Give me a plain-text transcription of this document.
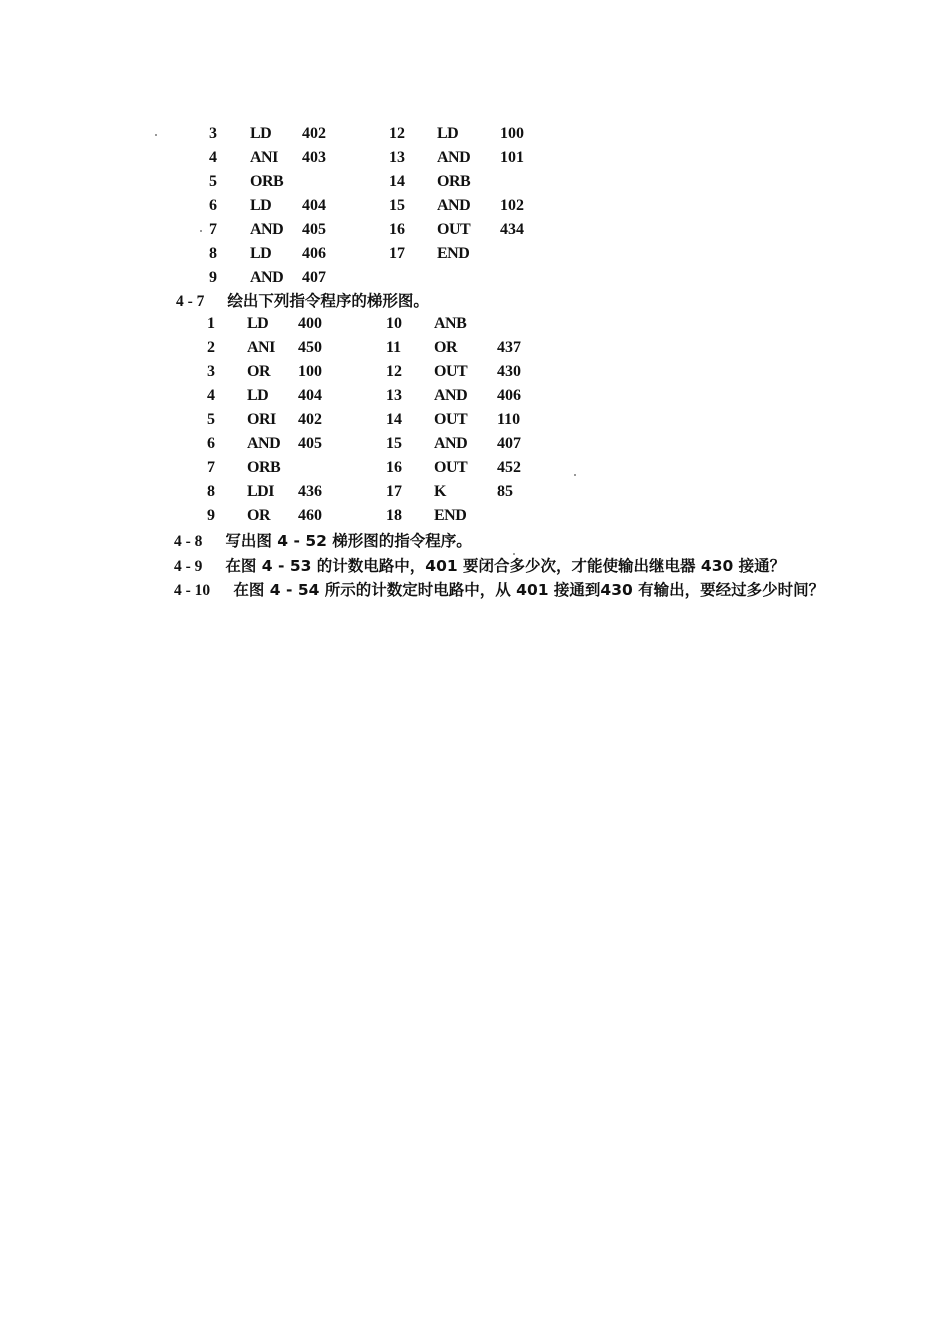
3 LD 402	12 LD	100
4 ANI 403	13 AND 101
5 ORB	14 ORB
6 LD 404	15 AND 102
7 AND 405	16 OUT 434
8 LD 406	17 END
9 AND 407
4 - 7 绘出下列指令程序的梯形图。
1 LD 400	10 ANB
2 ANI 450	11 OR	437
3 OR 100	12 OUT 430
4 LD 404	13 AND 406
5 ORI 402	14 OUT 110
6 AND 405	15 AND 407
7 ORB	16 OUT 452
8 LDI 436	17 K	85
9 OR 460	18 END
4 - 8 写出图 4 - 52 梯形图的指令程序。
4 - 9 在图 4 - 53 的计数电路中，401 要闭合多少次，才能使输出继电器 430 接通？
4 - 10 在图 4 - 54 所示的计数定时电路中，从 401 接通到430 有输出，要经过多少时间？
